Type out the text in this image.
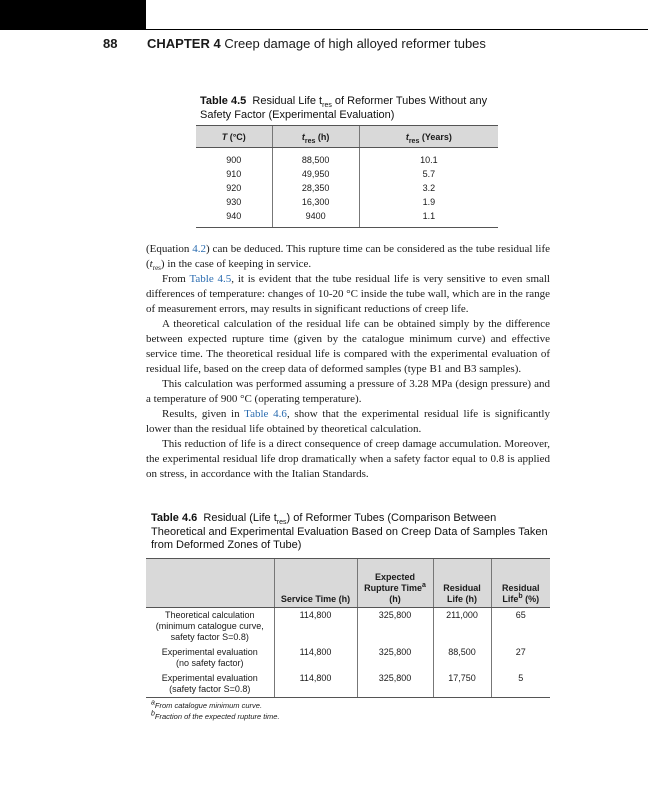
88 CHAPTER 4 Creep damage of high alloyed reformer tubes
Table 4.5 Residual Life $t_{res}$ of Reformer Tubes Without any Safety Factor (Experimental Evaluation)
T (°C)	$t_{res}$ (h)	$t_{res}$ (Years)
900	88,500	10.1
910	49,950	5.7
920	28,350	3.2
930	16,300	1.9
940	9400	1.1

(Equation 4.2) can be deduced. This rupture time can be considered as the tube residual life $(t_{res})$ in the case of keeping in service.

From Table 4.5, it is evident that the tube residual life is very sensitive to even small differences of temperature: changes of 10-20 °C inside the tube wall, which are in the range of measurement errors, may results in significant reductions of creep life.

A theoretical calculation of the residual life can be obtained simply by the difference between expected rupture time (given by the catalogue minimum curve) and effective service time. The theoretical residual life is compared with the experimental evaluation of residual life, based on the creep data of deformed samples (type B1 and B3 samples).

This calculation was performed assuming a pressure of 3.28 MPa (design pressure) and a temperature of 900 °C (operating temperature).

Results, given in Table 4.6, show that the experimental residual life is significantly lower than the residual life obtained by theoretical calculation.

This reduction of life is a direct consequence of creep damage accumulation. Moreover, the experimental residual life drop dramatically when a safety factor equal to 0.8 is applied on stress, in accordance with the Italian Standards.

Table 4.6 Residual (Life $t_{res}$) of Reformer Tubes (Comparison Between Theoretical and Experimental Evaluation Based on Creep Data of Samples Taken from Deformed Zones of Tube)
	Service Time (h)	Expected Rupture Time$^a$ (h)	Residual Life (h)	Residual Life$^b$ (%)

Theoretical calculation
(minimum catalogue curve,
safety factor S=0.8)	114,800	325,800	211,000	65

Experimental evaluation
(no safety factor)	114,800	325,800	88,500	27

Experimental evaluation
(safety factor S=0.8)	114,800	325,800	17,750	5
$^a$From catalogue minimum curve.
$^b$Fraction of the expected rupture time.
